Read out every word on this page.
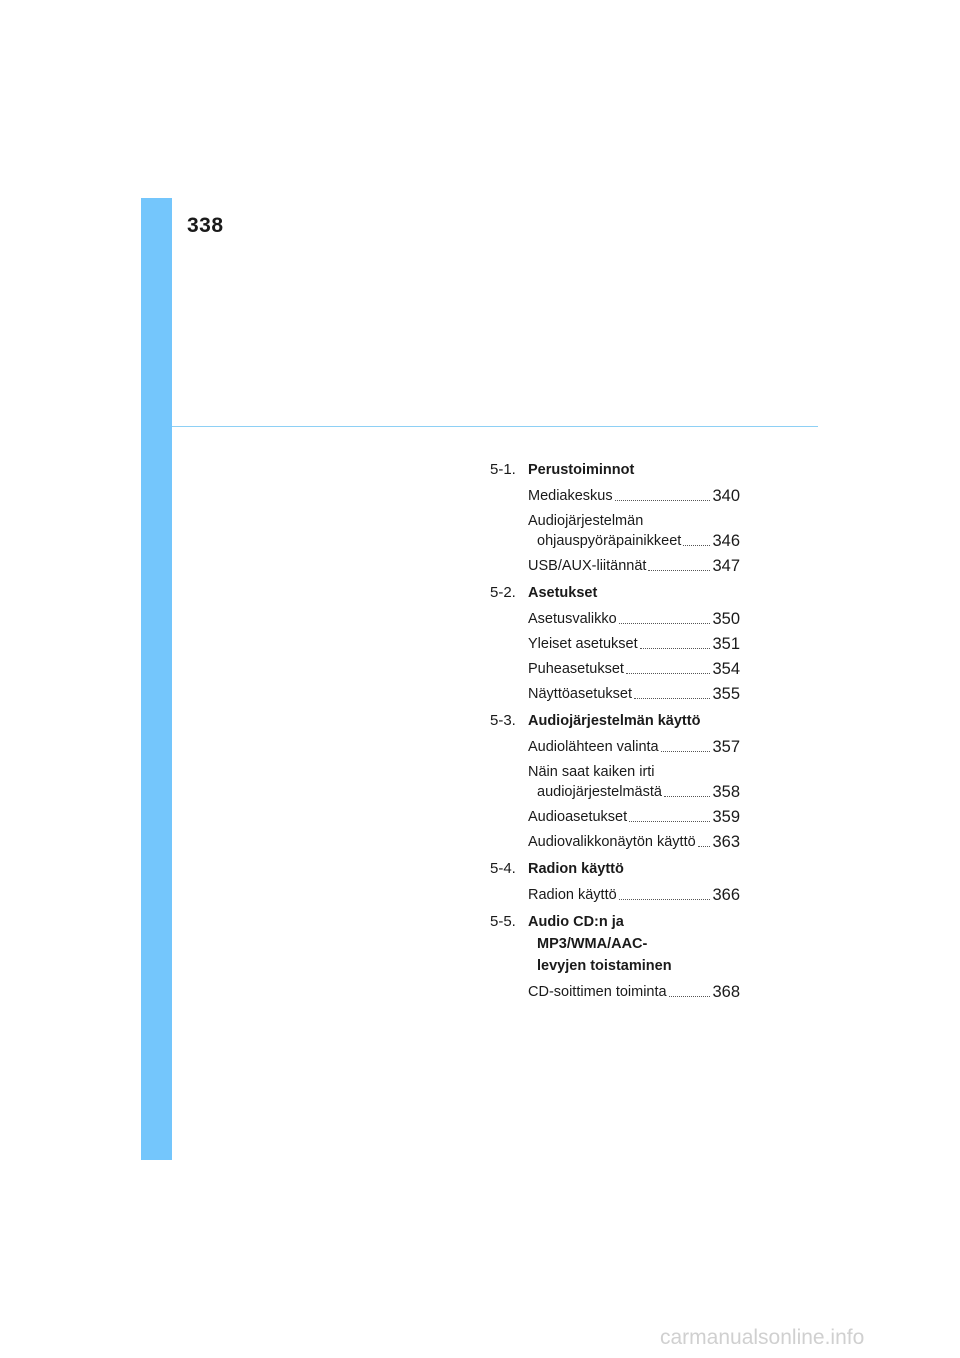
338
5-1. Perustoiminnot
Mediakeskus	340
Audiojärjestelmän
ohjauspyöräpainikkeet 346
USB/AUX-liitännät	347
5-2. Asetukset
Asetusvalikko	350
Yleiset asetukset	351
Puheasetukset	354
Näyttöasetukset	355
5-3. Audiojärjestelmän käyttö
Audiolähteen valinta	357
Näin saat kaiken irti
audiojärjestelmästä	358
Audioasetukset	359
Audiovalikkonäytön käyttö 363
5-4. Radion käyttö
Radion käyttö	366
5-5. Audio CD:n ja
MP3/WMA/AAC-
levyjen toistaminen
CD-soittimen toiminta	368
carmanualsonline.info
